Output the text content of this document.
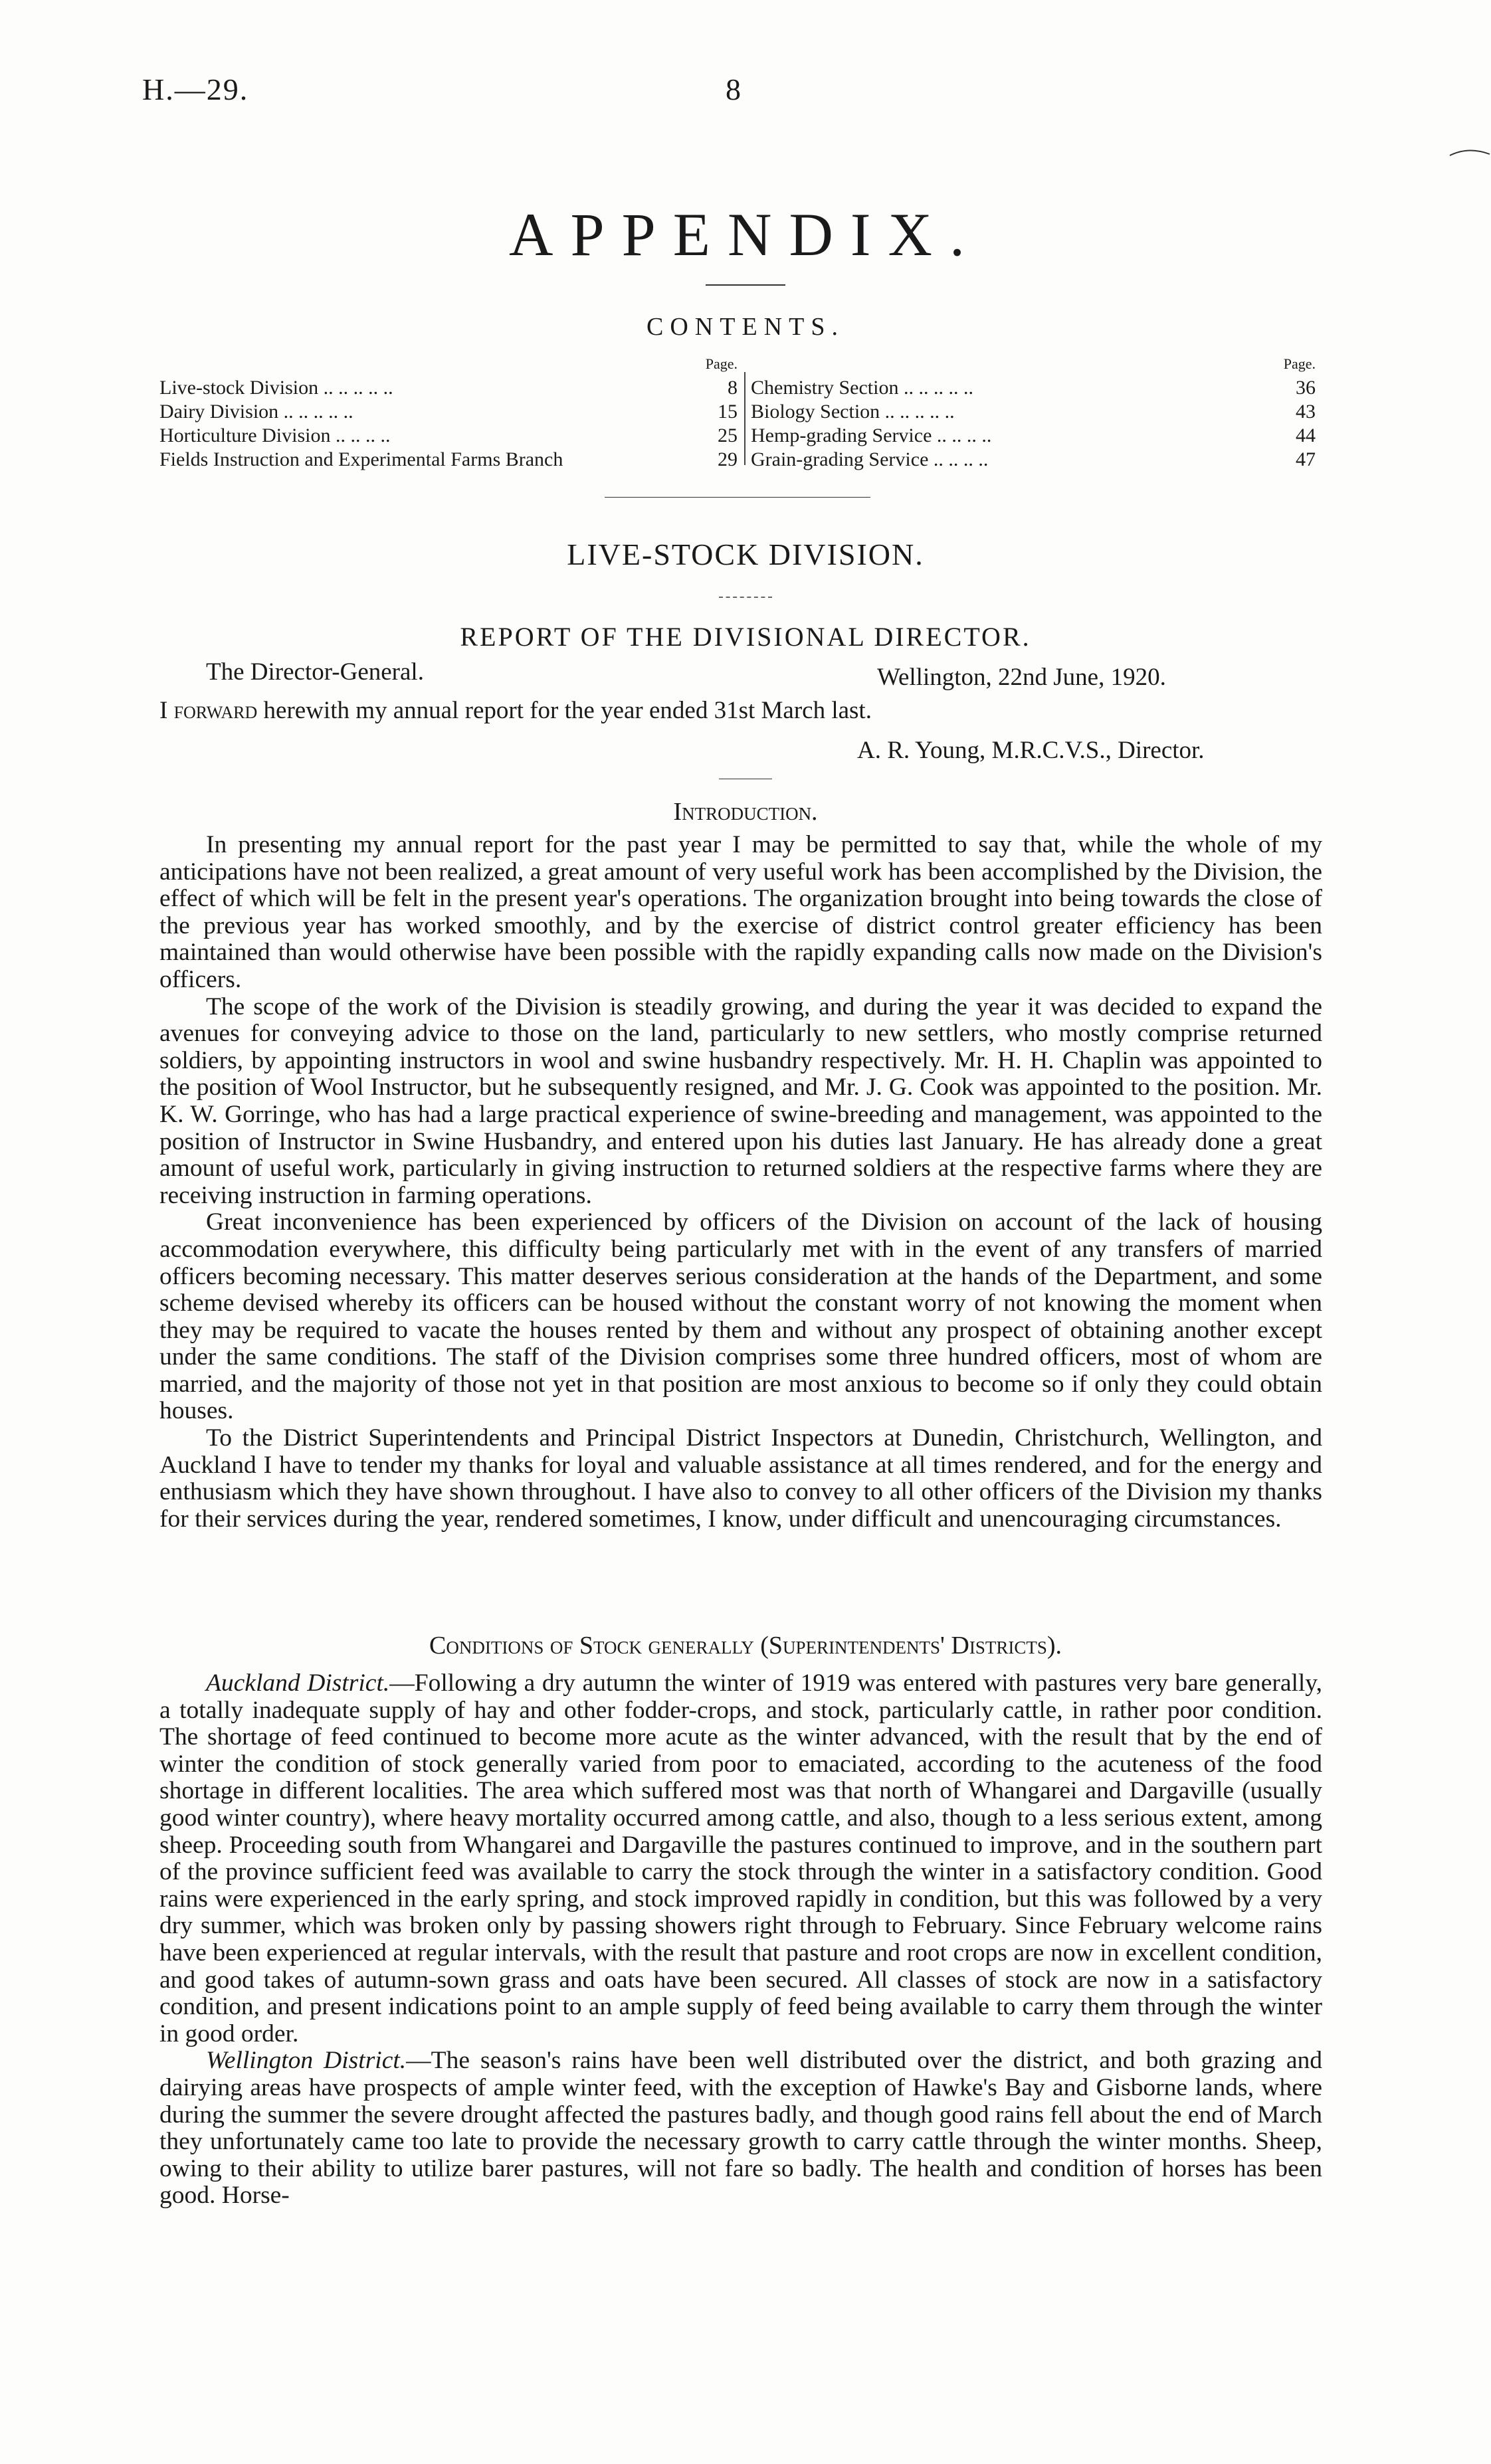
H.—29.	8
APPENDIX.
CONTENTS.
	Page.
Live-stock Division .. .. .. .. ..	8
Dairy Division .. .. .. .. ..	15
Horticulture Division .. .. .. ..	25
Fields Instruction and Experimental Farms Branch	29
	Page.
Chemistry Section .. .. .. .. ..	36
Biology Section .. .. .. .. ..	43
Hemp-grading Service .. .. .. ..	44
Grain-grading Service .. .. .. ..	47
LIVE-STOCK DIVISION.
REPORT OF THE DIVISIONAL DIRECTOR.
The Director-General.	Wellington, 22nd June, 1920.
I forward herewith my annual report for the year ended 31st March last.
A. R. Young, M.R.C.V.S., Director.
Introduction.

In presenting my annual report for the past year I may be permitted to say that, while the whole of my anticipations have not been realized, a great amount of very useful work has been accomplished by the Division, the effect of which will be felt in the present year's operations. The organization brought into being towards the close of the previous year has worked smoothly, and by the exercise of district control greater efficiency has been maintained than would otherwise have been possible with the rapidly expanding calls now made on the Division's officers.

The scope of the work of the Division is steadily growing, and during the year it was decided to expand the avenues for conveying advice to those on the land, particularly to new settlers, who mostly comprise returned soldiers, by appointing instructors in wool and swine husbandry respectively. Mr. H. H. Chaplin was appointed to the position of Wool Instructor, but he subsequently resigned, and Mr. J. G. Cook was appointed to the position. Mr. K. W. Gorringe, who has had a large practical experience of swine-breeding and management, was appointed to the position of Instructor in Swine Husbandry, and entered upon his duties last January. He has already done a great amount of useful work, particularly in giving instruction to returned soldiers at the respective farms where they are receiving instruction in farming operations.

Great inconvenience has been experienced by officers of the Division on account of the lack of housing accommodation everywhere, this difficulty being particularly met with in the event of any transfers of married officers becoming necessary. This matter deserves serious consideration at the hands of the Department, and some scheme devised whereby its officers can be housed without the constant worry of not knowing the moment when they may be required to vacate the houses rented by them and without any prospect of obtaining another except under the same conditions. The staff of the Division comprises some three hundred officers, most of whom are married, and the majority of those not yet in that position are most anxious to become so if only they could obtain houses.

To the District Superintendents and Principal District Inspectors at Dunedin, Christchurch, Wellington, and Auckland I have to tender my thanks for loyal and valuable assistance at all times rendered, and for the energy and enthusiasm which they have shown throughout. I have also to convey to all other officers of the Division my thanks for their services during the year, rendered sometimes, I know, under difficult and unencouraging circumstances.

Conditions of Stock generally (Superintendents' Districts).

Auckland District.—Following a dry autumn the winter of 1919 was entered with pastures very bare generally, a totally inadequate supply of hay and other fodder-crops, and stock, particularly cattle, in rather poor condition. The shortage of feed continued to become more acute as the winter advanced, with the result that by the end of winter the condition of stock generally varied from poor to emaciated, according to the acuteness of the food shortage in different localities. The area which suffered most was that north of Whangarei and Dargaville (usually good winter country), where heavy mortality occurred among cattle, and also, though to a less serious extent, among sheep. Proceeding south from Whangarei and Dargaville the pastures continued to improve, and in the southern part of the province sufficient feed was available to carry the stock through the winter in a satisfactory condition. Good rains were experienced in the early spring, and stock improved rapidly in condition, but this was followed by a very dry summer, which was broken only by passing showers right through to February. Since February welcome rains have been experienced at regular intervals, with the result that pasture and root crops are now in excellent condition, and good takes of autumn-sown grass and oats have been secured. All classes of stock are now in a satisfactory condition, and present indications point to an ample supply of feed being available to carry them through the winter in good order.

Wellington District.—The season's rains have been well distributed over the district, and both grazing and dairying areas have prospects of ample winter feed, with the exception of Hawke's Bay and Gisborne lands, where during the summer the severe drought affected the pastures badly, and though good rains fell about the end of March they unfortunately came too late to provide the necessary growth to carry cattle through the winter months. Sheep, owing to their ability to utilize barer pastures, will not fare so badly. The health and condition of horses has been good. Horse-
